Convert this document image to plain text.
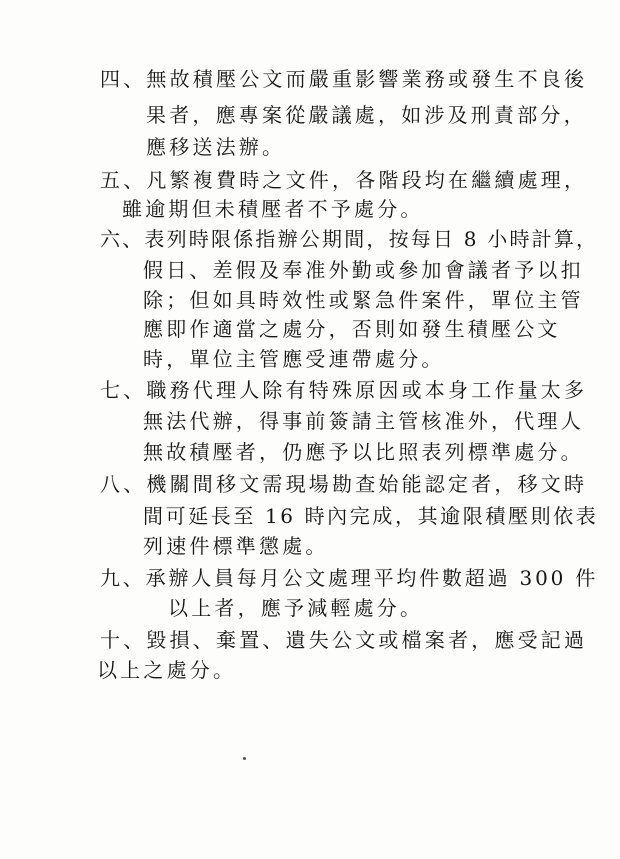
四、無故積壓公文而嚴重影響業務或發生不良後
果者，應專案從嚴議處，如涉及刑責部分，
應移送法辦。
五、凡繁複費時之文件，各階段均在繼續處理，
雖逾期但未積壓者不予處分。
六、表列時限係指辦公期間，按每日 8 小時計算，
假日、差假及奉准外勤或參加會議者予以扣
除；但如具時效性或緊急件案件，單位主管
應即作適當之處分，否則如發生積壓公文
時，單位主管應受連帶處分。
七、職務代理人除有特殊原因或本身工作量太多
無法代辦，得事前簽請主管核准外，代理人
無故積壓者，仍應予以比照表列標準處分。
八、機關間移文需現場勘查始能認定者，移文時
間可延長至 16 時內完成，其逾限積壓則依表
列速件標準懲處。
九、承辦人員每月公文處理平均件數超過 300 件
以上者，應予減輕處分。
十、毀損、棄置、遺失公文或檔案者，應受記過
以上之處分。
